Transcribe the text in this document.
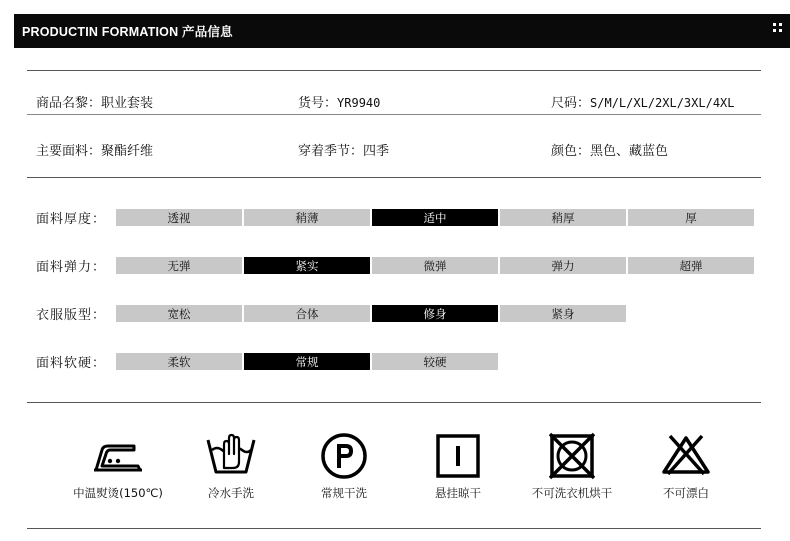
PRODUCTIN FORMATION 产品信息
商品名黎：职业套装	货号：YR9940	尺码：S/M/L/XL/2XL/3XL/4XL
主要面料：聚酯纤维	穿着季节：四季	颜色：黑色、藏蓝色
面料厚度：	透视	稍薄	适中	稍厚	厚
面料弹力：	无弹	紧实	微弹	弹力	超弹
衣服版型：	宽松	合体	修身	紧身
面料软硬：	柔软	常规	较硬
中温熨烫(150℃)	冷水手洗	常规干洗	悬挂晾干	不可洗衣机烘干	不可漂白
